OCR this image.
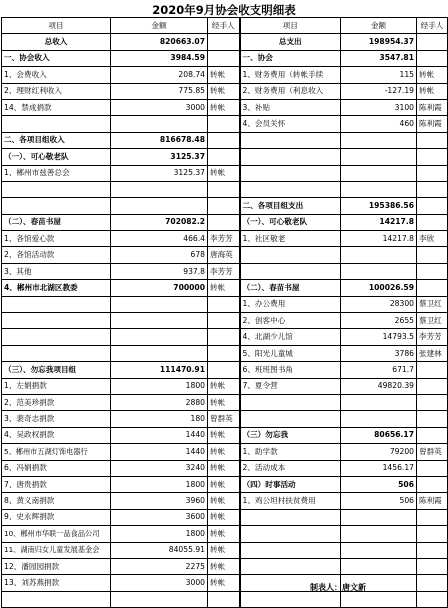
2020年9月协会收支明细表
项目	金额	经手人	项目	金额	经手人
总收入	820663.07		总支出	198954.37	
一、协会收入	3984.59		一、协会	3547.81	
1、会费收入	208.74	转帐	1、财务费用（转帐手续	115	转帐
2、理财红利收入	775.85	转帐	2、财务费用（利息收入	-127.19	转帐
14、禁成捐款	3000	转帐	3、补贴	3100	陈利霞
			4、会员关怀	460	陈利霞
二、各项目组收入	816678.48				
（一）、可心敬老队	3125.37				
1、郴州市兹善总会	3125.37	转帐			

			二、各项目组支出	195386.56	
（二）、春苗书屋	702082.2		（一）、可心敬老队	14217.8	
1、各馆爱心款	466.4	李芳芳	1、社区敬老	14217.8	李欣
2、各馆活动款	678	唐海英			
3、其他	937.8	李芳芳			
4、郴州市北湖区教委	700000	转帐	（二）、春苗书屋	100026.59	
			1、办公费用	28300	蔡卫红
			2、创客中心	2655	蔡卫红
			4、北湖少儿馆	14793.5	李芳芳
			5、阳光儿童城	3786	张建林
（三）、勿忘我项目组	111470.91		6、班班图书角	671.7	
1、左娟捐款	1800	转帐	7、夏令营	49820.39	
2、范美珍捐款	2880	转帐			
3、裴奇志捐款	180	曾群英			
4、吴政权捐款	1440	转帐	（三）勿忘我	80656.17	
5、郴州市五湖灯饰电器行	1440	转帐	1、助学款	79200	曾群英
6、冯娟捐款	3240	转帐	2、活动成本	1456.17	
7、唐贵捐款	1800	转帐	（四）时事活动	506	
8、黄义南捐款	3960	转帐	1、鸡公坦村扶贫费用	506	陈利霞
9、史永辉捐款	3600	转帐			
10、郴州市华联一品食品公司	1800	转帐			
11、湖南归女儿童发展基金会	84055.91	转帐			
12、潘园园捐款	2275	转帐			
13、刘苏燕捐款	3000	转帐			

制表人：唐文新
